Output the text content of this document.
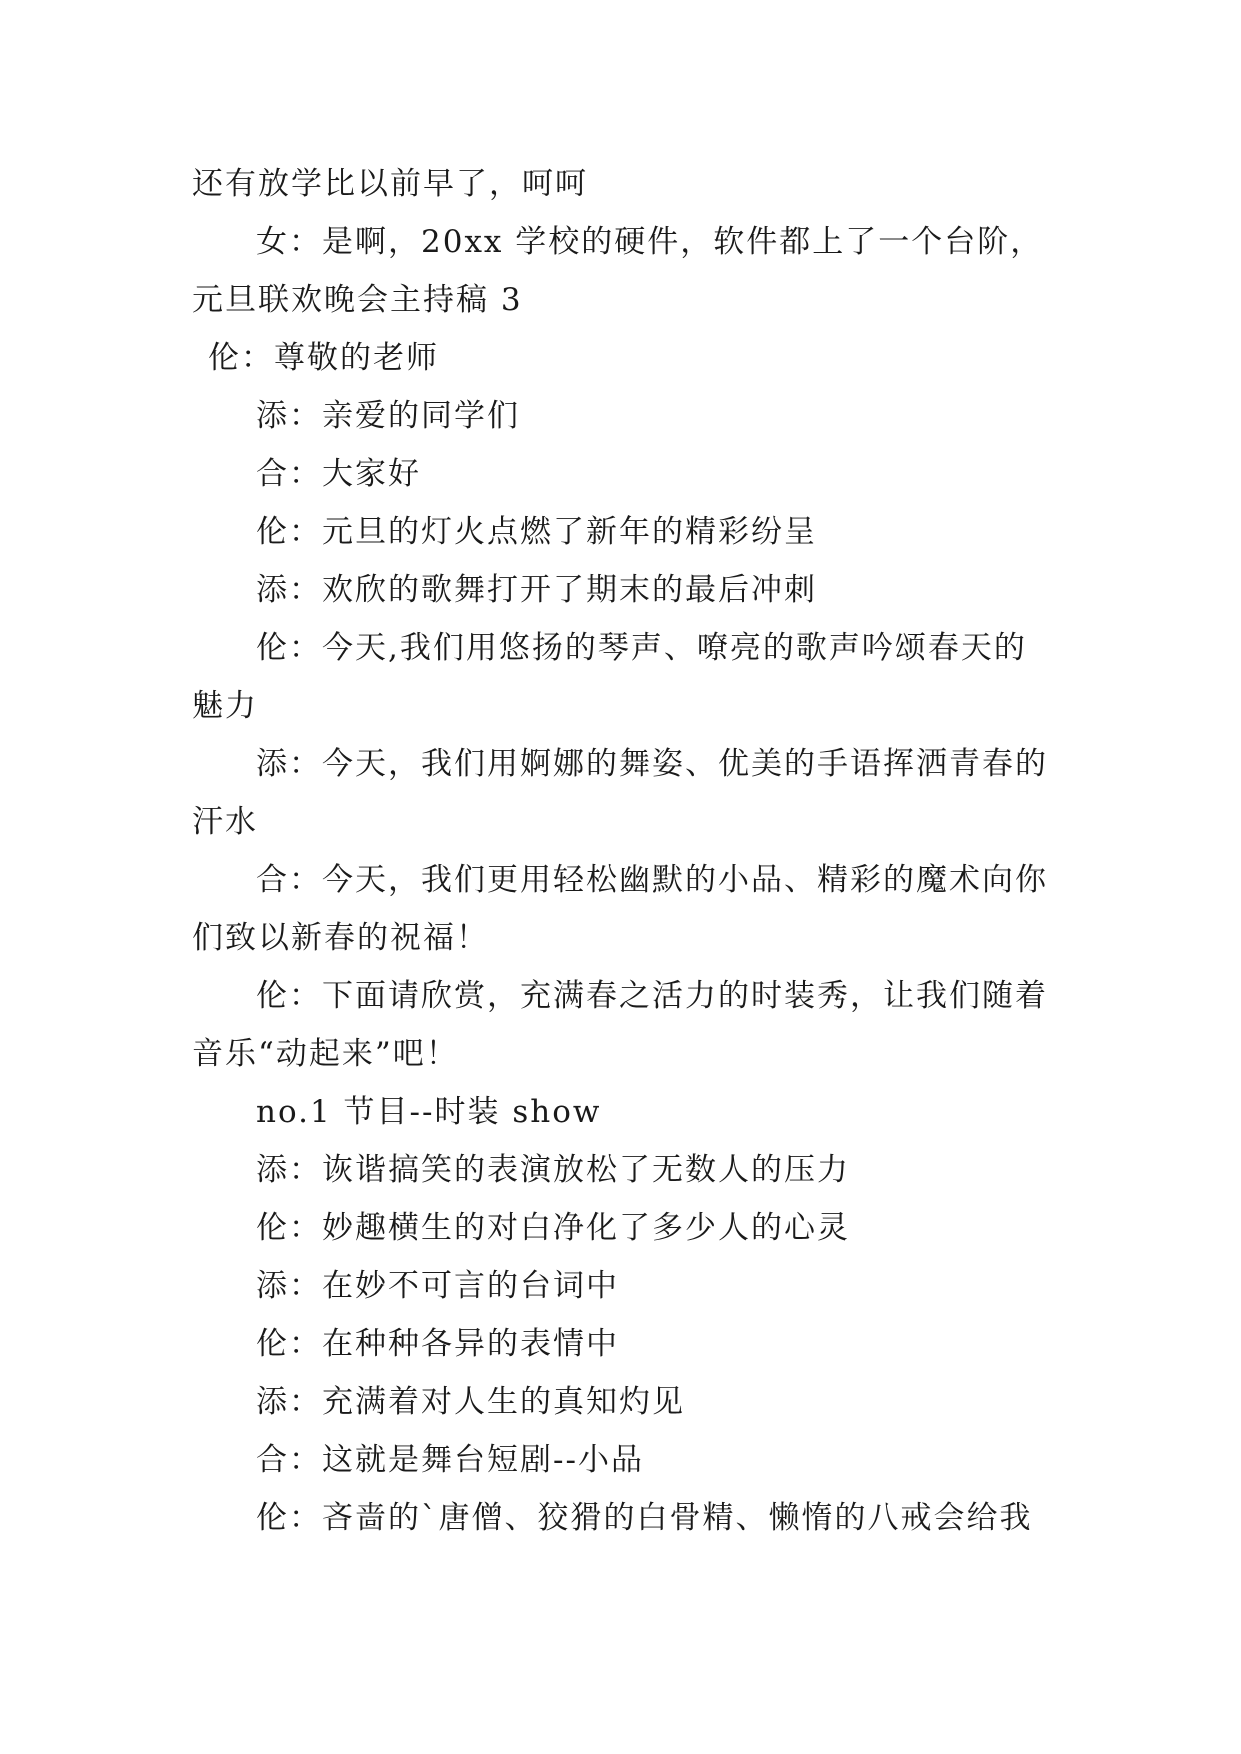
还有放学比以前早了，呵呵
女：是啊，20xx 学校的硬件，软件都上了一个台阶，
元旦联欢晚会主持稿 3
伦：尊敬的老师
添：亲爱的同学们
合：大家好
伦：元旦的灯火点燃了新年的精彩纷呈
添：欢欣的歌舞打开了期末的最后冲刺
伦：今天,我们用悠扬的琴声、嘹亮的歌声吟颂春天的
魅力
添：今天，我们用婀娜的舞姿、优美的手语挥洒青春的
汗水
合：今天，我们更用轻松幽默的小品、精彩的魔术向你
们致以新春的祝福！
伦：下面请欣赏，充满春之活力的时装秀，让我们随着
音乐“动起来”吧！
no.1 节目--时装 show
添：诙谐搞笑的表演放松了无数人的压力
伦：妙趣横生的对白净化了多少人的心灵
添：在妙不可言的台词中
伦：在种种各异的表情中
添：充满着对人生的真知灼见
合：这就是舞台短剧--小品
伦：吝啬的`唐僧、狡猾的白骨精、懒惰的八戒会给我
